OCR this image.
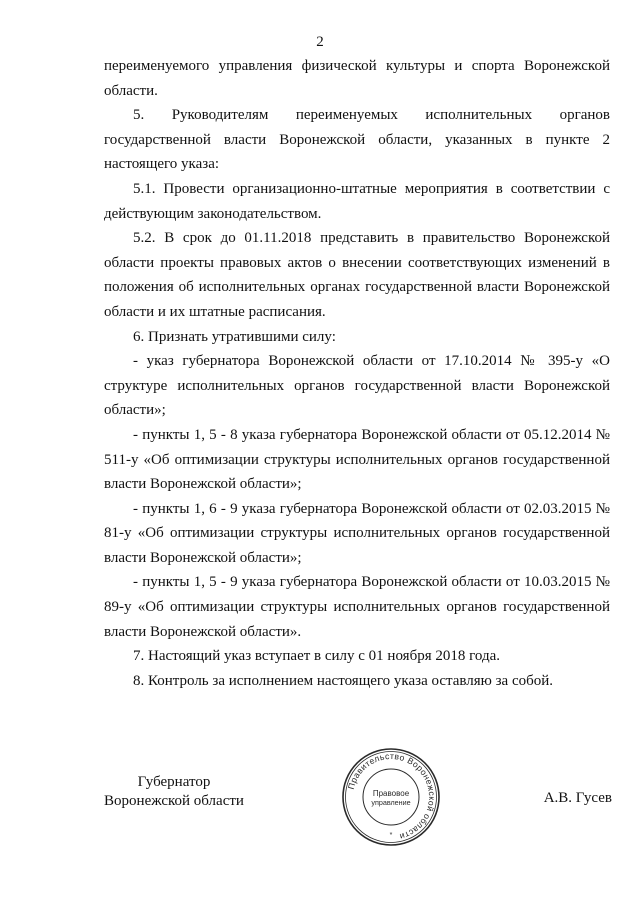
2

переименуемого управления физической культуры и спорта Воронежской области.

5. Руководителям переименуемых исполнительных органов государственной власти Воронежской области, указанных в пункте 2 настоящего указа:

5.1. Провести организационно-штатные мероприятия в соответствии с действующим законодательством.

5.2. В срок до 01.11.2018 представить в правительство Воронежской области проекты правовых актов о внесении соответствующих изменений в положения об исполнительных органах государственной власти Воронежской области и их штатные расписания.

6. Признать утратившими силу:

- указ губернатора Воронежской области от 17.10.2014 № 395-у «О структуре исполнительных органов государственной власти Воронежской области»;

- пункты 1, 5 - 8 указа губернатора Воронежской области от 05.12.2014 № 511-у «Об оптимизации структуры исполнительных органов государственной власти Воронежской области»;

- пункты 1, 6 - 9 указа губернатора Воронежской области от 02.03.2015 № 81-у «Об оптимизации структуры исполнительных органов государственной власти Воронежской области»;

- пункты 1, 5 - 9 указа губернатора Воронежской области от 10.03.2015 № 89-у «Об оптимизации структуры исполнительных органов государственной власти Воронежской области».

7. Настоящий указ вступает в силу с 01 ноября 2018 года.

8. Контроль за исполнением настоящего указа оставляю за собой.

Губернатор
Воронежской области
Правительство Воронежской области
Правовое
управление
*
А.В. Гусев
